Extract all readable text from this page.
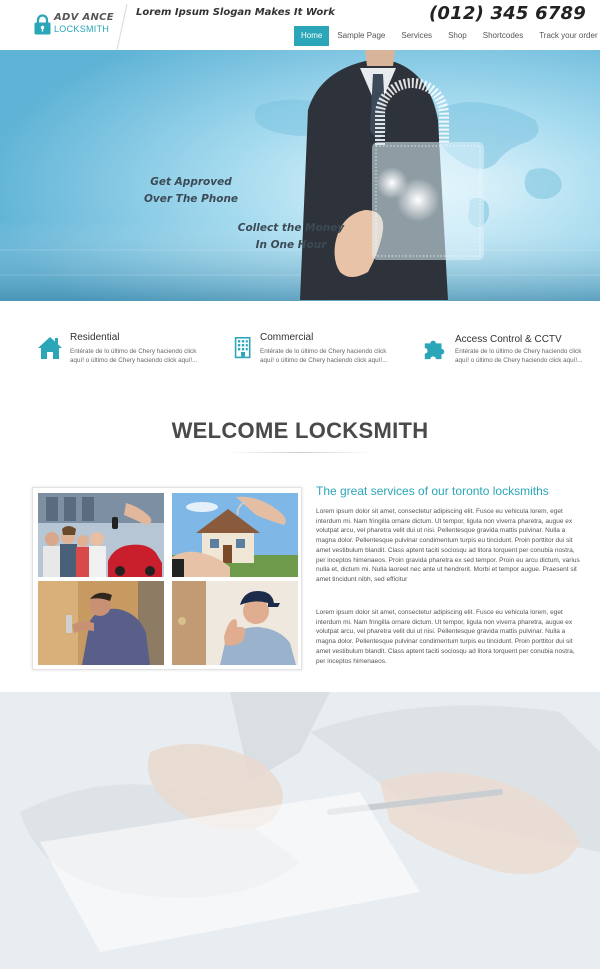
ADV ANCE
LOCKSMITH
Lorem Ipsum Slogan Makes It Work	(012) 345 6789
Home	Sample Page	Services	Shop	Shortcodes	Track your order
Get Approved
Over The Phone
Collect the Money
In One Hour
Residential
Entérate de lo último de Chery haciendo click
aquí! o último de Chery haciendo click aquí!...
Commercial
Entérate de lo último de Chery haciendo click
aquí! o último de Chery haciendo click aquí!...
Access Control & CCTV
Entérate de lo último de Chery haciendo click
aquí! o último de Chery haciendo click aquí!...
WELCOME LOCKSMITH
The great services of our toronto locksmiths
Lorem ipsum dolor sit amet, consectetur adipiscing elit. Fusce eu vehicula lorem, eget interdum mi. Nam fringilla ornare dictum. Ut tempor, ligula non viverra pharetra, augue ex volutpat arcu, vel pharetra velit dui ut nisi. Pellentesque gravida mattis pulvinar. Nulla a magna dolor. Pellentesque pulvinar condimentum turpis eu tincidunt. Proin porttitor dui sit amet vestibulum blandit. Class aptent taciti sociosqu ad litora torquent per conubia nostra, per inceptos himenaeos. Proin gravida pharetra ex sed tempor. Proin eu arcu dictum, varius nulla et, dictum mi. Nulla laoreet nec ante ut hendrerit. Morbi et tempor augue. Praesent sit amet tincidunt nibh, sed efficitur
Lorem ipsum dolor sit amet, consectetur adipiscing elit. Fusce eu vehicula lorem, eget interdum mi. Nam fringilla ornare dictum. Ut tempor, ligula non viverra pharetra, augue ex volutpat arcu, vel pharetra velit dui ut nisi. Pellentesque gravida mattis pulvinar. Nulla a magna dolor. Pellentesque pulvinar condimentum turpis eu tincidunt. Proin porttitor dui sit amet vestibulum blandit. Class aptent taciti sociosqu ad litora torquent per conubia nostra, per inceptos himenaeos.
